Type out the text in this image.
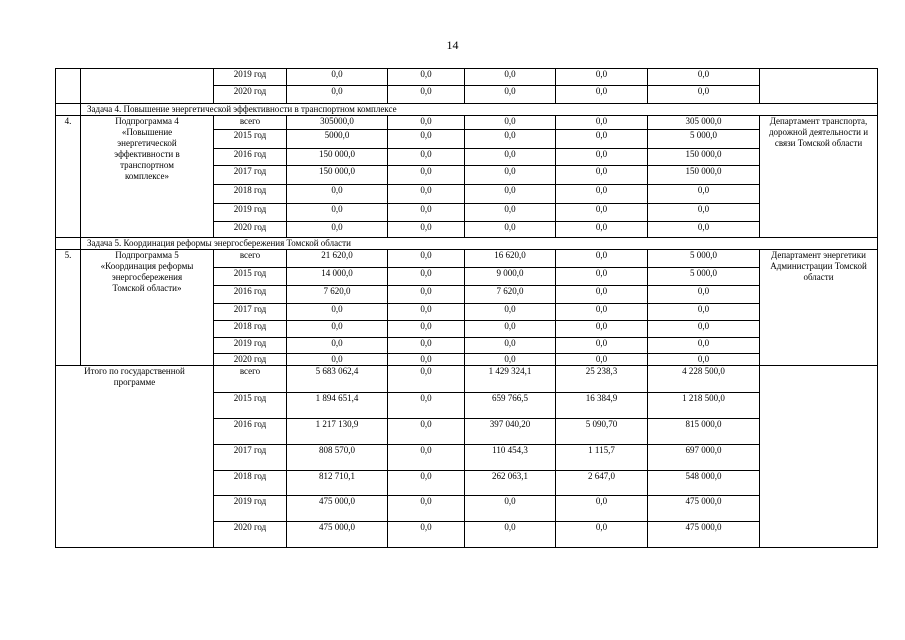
14
		2019 год	0,0	0,0	0,0	0,0	0,0	
		2020 год	0,0	0,0	0,0	0,0	0,0	
	Задача 4. Повышение энергетической эффективности в транспортном комплексе							
4.	Подпрограмма 4 «Повышение энергетической эффективности в транспортном комплексе»	всего	305000,0	0,0	0,0	0,0	305 000,0	Департамент транспорта, дорожной деятельности и связи Томской области
		2015 год	5000,0	0,0	0,0	0,0	5 000,0	
		2016 год	150 000,0	0,0	0,0	0,0	150 000,0	
		2017 год	150 000,0	0,0	0,0	0,0	150 000,0	
		2018 год	0,0	0,0	0,0	0,0	0,0	
		2019 год	0,0	0,0	0,0	0,0	0,0	
		2020 год	0,0	0,0	0,0	0,0	0,0	
	Задача 5. Координация реформы энергосбережения Томской области							
5.	Подпрограмма 5 «Координация реформы энергосбережения Томской области»	всего	21 620,0	0,0	16 620,0	0,0	5 000,0	Департамент энергетики Администрации Томской области
		2015 год	14 000,0	0,0	9 000,0	0,0	5 000,0	
		2016 год	7 620,0	0,0	7 620,0	0,0	0,0	
		2017 год	0,0	0,0	0,0	0,0	0,0	
		2018 год	0,0	0,0	0,0	0,0	0,0	
		2019 год	0,0	0,0	0,0	0,0	0,0	
		2020 год	0,0	0,0	0,0	0,0	0,0	
Итого по государственной программе		всего	5 683 062,4	0,0	1 429 324,1	25 238,3	4 228 500,0	
		2015 год	1 894 651,4	0,0	659 766,5	16 384,9	1 218 500,0	
		2016 год	1 217 130,9	0,0	397 040,20	5 090,70	815 000,0	
		2017 год	808 570,0	0,0	110 454,3	1 115,7	697 000,0	
		2018 год	812 710,1	0,0	262 063,1	2 647,0	548 000,0	
		2019 год	475 000,0	0,0	0,0	0,0	475 000,0	
		2020 год	475 000,0	0,0	0,0	0,0	475 000,0	
